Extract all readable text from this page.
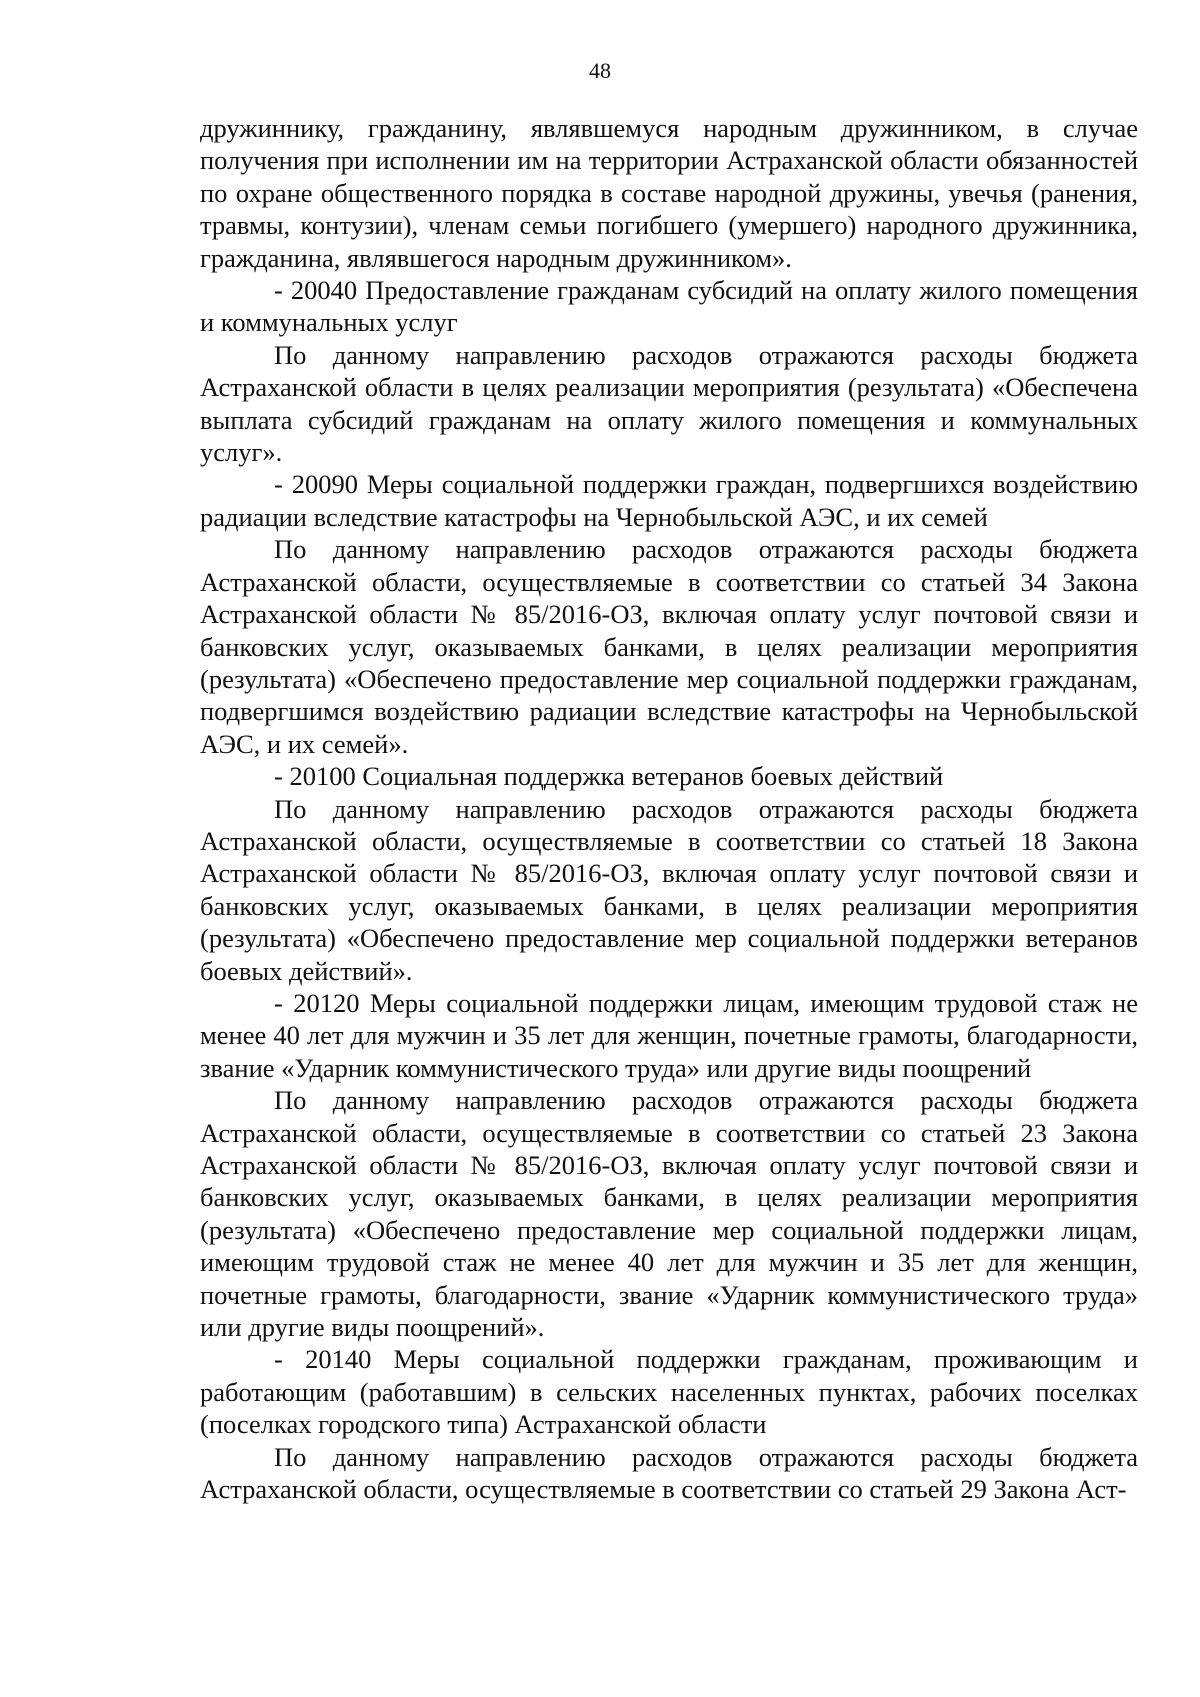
48

дружиннику, гражданину, являвшемуся народным дружинником, в случае получения при исполнении им на территории Астраханской области обязанностей по охране общественного порядка в составе народной дружины, увечья (ранения, травмы, контузии), членам семьи погибшего (умершего) народного дружинника, гражданина, являвшегося народным дружинником».

- 20040 Предоставление гражданам субсидий на оплату жилого помещения и коммунальных услуг

По данному направлению расходов отражаются расходы бюджета Астраханской области в целях реализации мероприятия (результата) «Обеспечена выплата субсидий гражданам на оплату жилого помещения и коммунальных услуг».

- 20090 Меры социальной поддержки граждан, подвергшихся воздействию радиации вследствие катастрофы на Чернобыльской АЭС, и их семей

По данному направлению расходов отражаются расходы бюджета Астраханской области, осуществляемые в соответствии со статьей 34 Закона Астраханской области № 85/2016-ОЗ, включая оплату услуг почтовой связи и банковских услуг, оказываемых банками, в целях реализации мероприятия (результата) «Обеспечено предоставление мер социальной поддержки гражданам, подвергшимся воздействию радиации вследствие катастрофы на Чернобыльской АЭС, и их семей».

- 20100 Социальная поддержка ветеранов боевых действий

По данному направлению расходов отражаются расходы бюджета Астраханской области, осуществляемые в соответствии со статьей 18 Закона Астраханской области № 85/2016-ОЗ, включая оплату услуг почтовой связи и банковских услуг, оказываемых банками, в целях реализации мероприятия (результата) «Обеспечено предоставление мер социальной поддержки ветеранов боевых действий».

- 20120 Меры социальной поддержки лицам, имеющим трудовой стаж не менее 40 лет для мужчин и 35 лет для женщин, почетные грамоты, благодарности, звание «Ударник коммунистического труда» или другие виды поощрений

По данному направлению расходов отражаются расходы бюджета Астраханской области, осуществляемые в соответствии со статьей 23 Закона Астраханской области № 85/2016-ОЗ, включая оплату услуг почтовой связи и банковских услуг, оказываемых банками, в целях реализации мероприятия (результата) «Обеспечено предоставление мер социальной поддержки лицам, имеющим трудовой стаж не менее 40 лет для мужчин и 35 лет для женщин, почетные грамоты, благодарности, звание «Ударник коммунистического труда» или другие виды поощрений».

- 20140 Меры социальной поддержки гражданам, проживающим и работающим (работавшим) в сельских населенных пунктах, рабочих поселках (поселках городского типа) Астраханской области

По данному направлению расходов отражаются расходы бюджета Астраханской области, осуществляемые в соответствии со статьей 29 Закона Аст-
